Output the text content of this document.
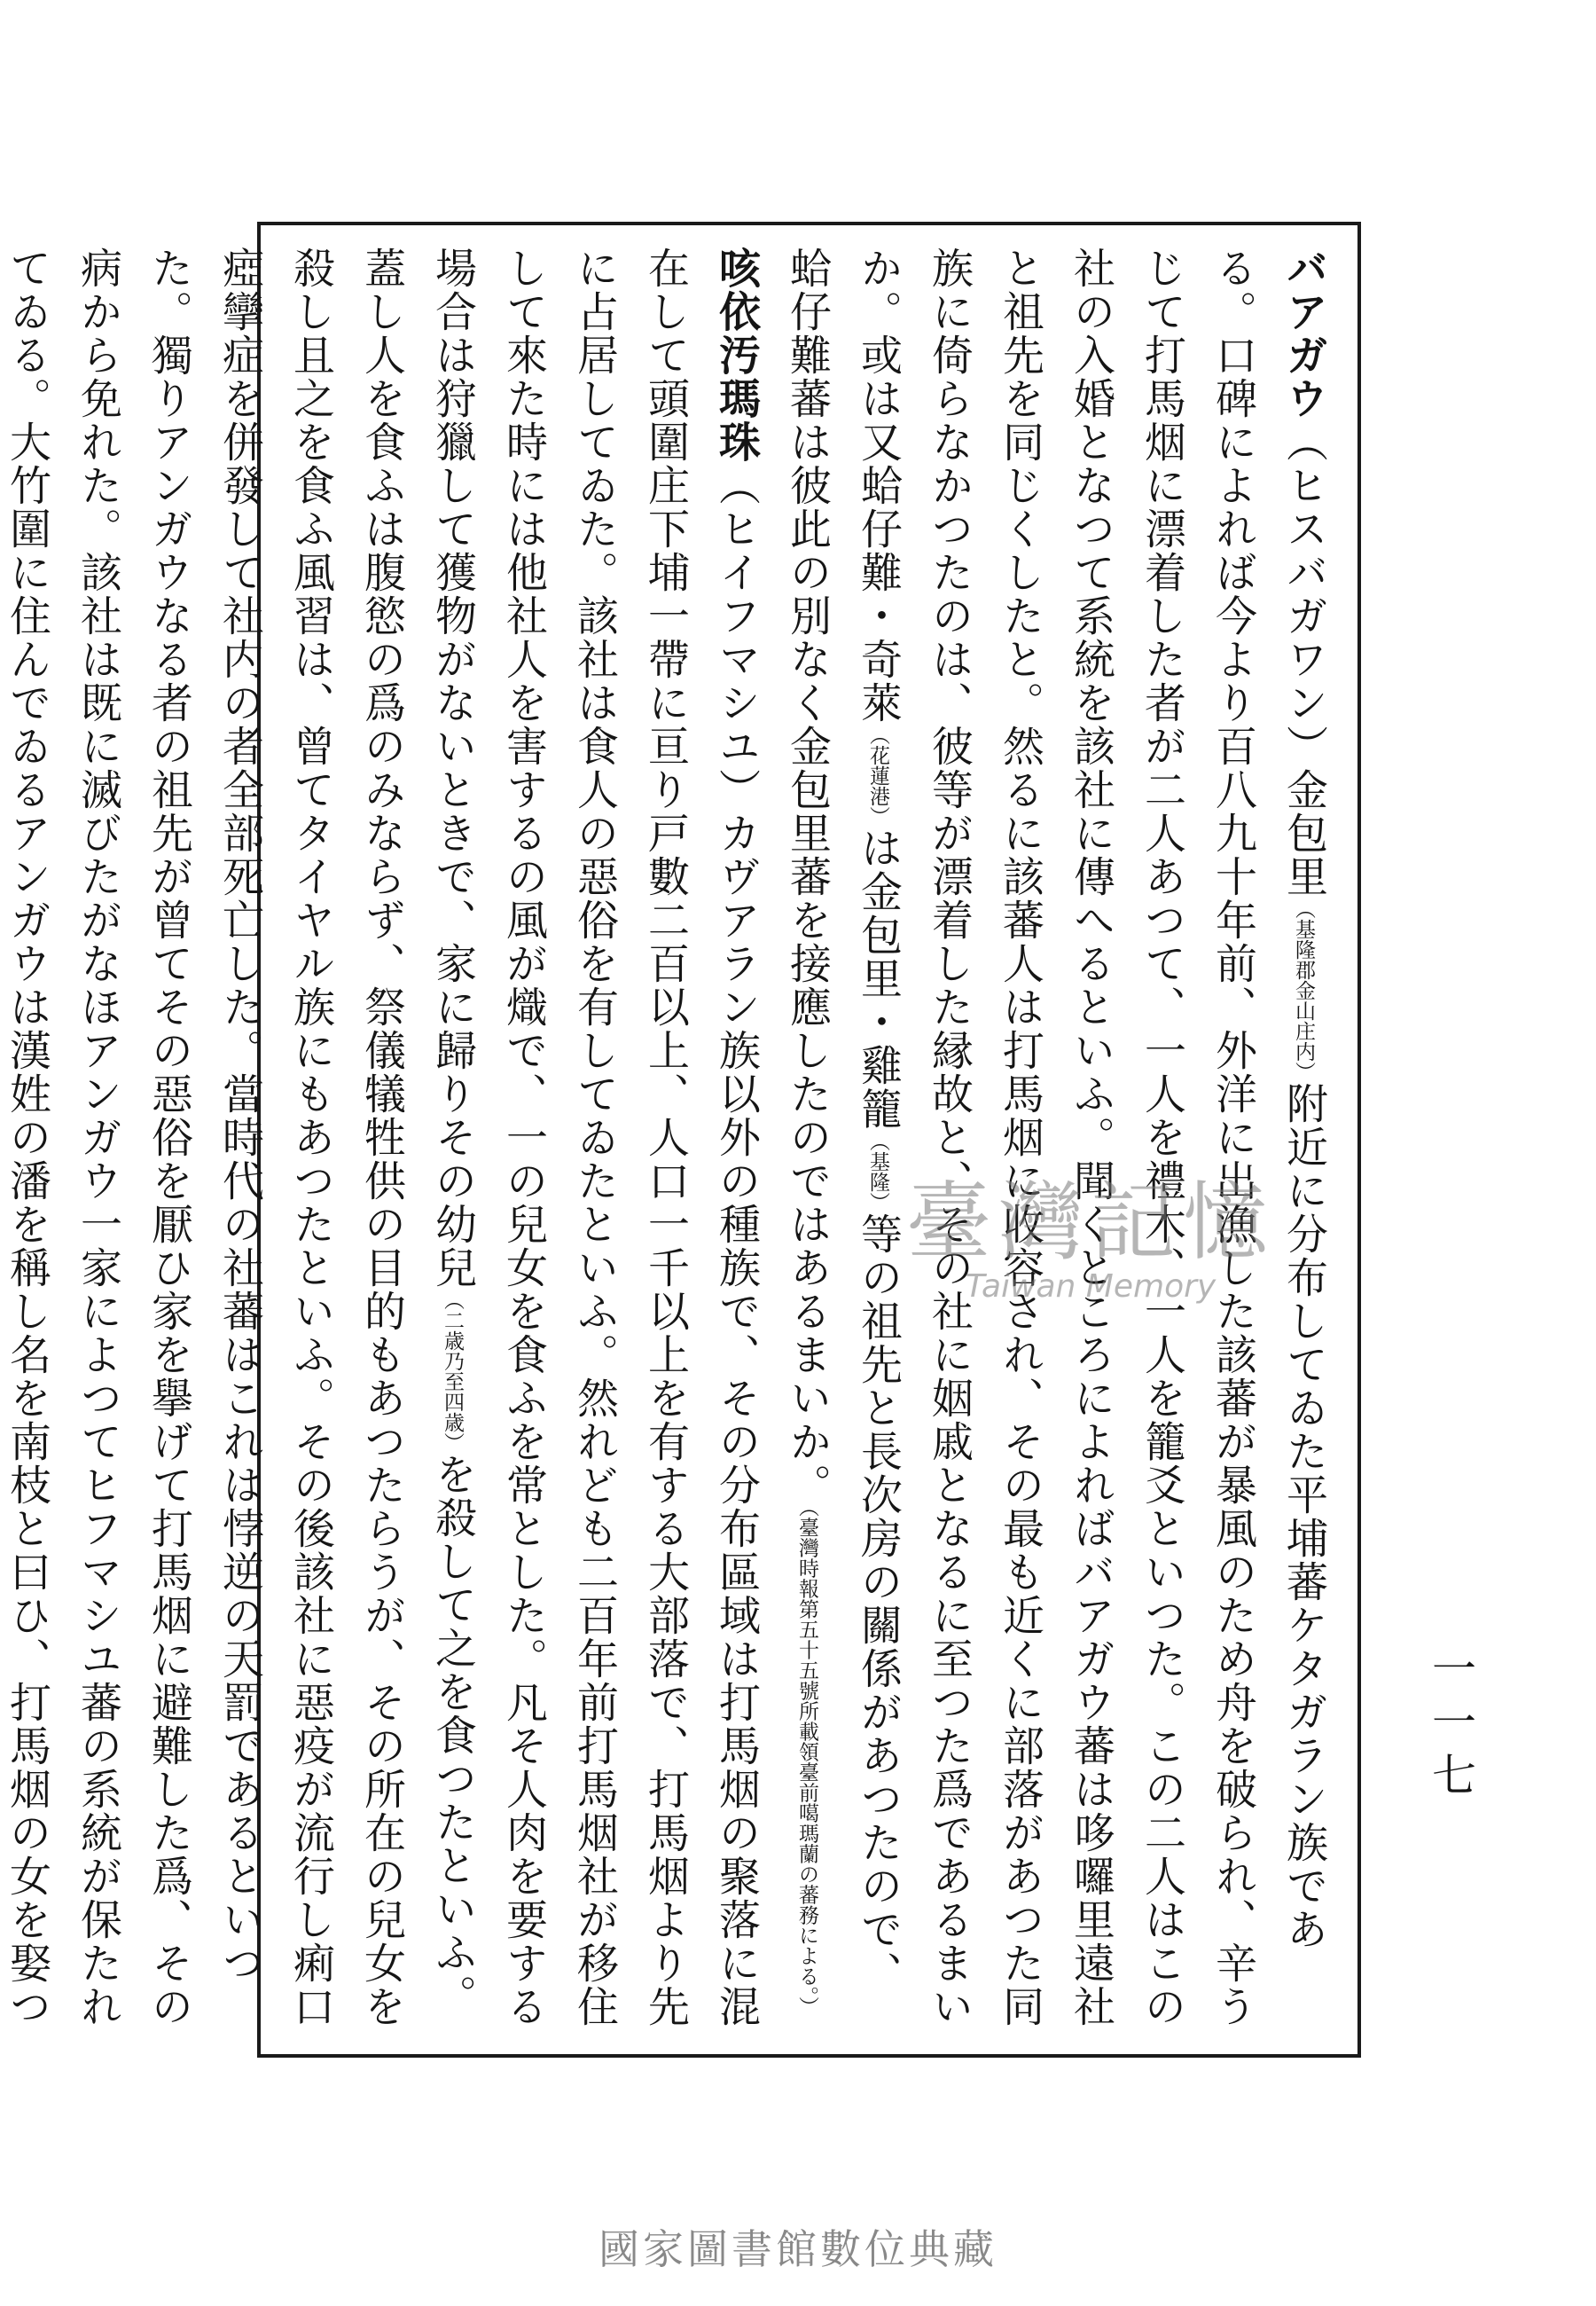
バアガウ（ヒスバガワン）金包里（基隆郡金山庄内）附近に分布してゐた平埔蕃ケタガラン族である。口碑によれば今より百八九十年前、外洋に出漁した該蕃が暴風のため舟を破られ、辛うじて打馬烟に漂着した者が二人あつて、一人を禮木、一人を籠爻といつた。この二人はこの社の入婚となつて系統を該社に傳へるといふ。聞くところによればバアガウ蕃は哆囉里遠社と祖先を同じくしたと。然るに該蕃人は打馬烟に收容され、その最も近くに部落があつた同族に倚らなかつたのは、彼等が漂着した縁故と、その社に姻戚となるに至つた爲であるまいか。或は又蛤仔難・奇萊（花蓮港）は金包里・雞籠（基隆）等の祖先と長次房の關係があつたので、蛤仔難蕃は彼此の別なく金包里蕃を接應したのではあるまいか。（臺灣時報第五十五號所載領臺前噶瑪蘭の蕃務による。）

咳依汚瑪珠（ヒイフマシユ）カヴアラン族以外の種族で、その分布區域は打馬烟の聚落に混在して頭圍庄下埔一帶に亘り戸數二百以上、人口一千以上を有する大部落で、打馬烟より先に占居してゐた。該社は食人の惡俗を有してゐたといふ。然れども二百年前打馬烟社が移住して來た時には他社人を害するの風が熾で、一の兒女を食ふを常とした。凡そ人肉を要する場合は狩獵して獲物がないときで、家に歸りその幼兒（二歳乃至四歳）を殺して之を食つたといふ。蓋し人を食ふは腹慾の爲のみならず、祭儀犠牲供の目的もあつたらうが、その所在の兒女を殺し且之を食ふ風習は、曾てタイヤル族にもあつたといふ。その後該社に惡疫が流行し痢口瘂攣症を併發して社内の者全部死亡した。當時代の社蕃はこれは悖逆の天罰であるといつた。獨りアンガウなる者の祖先が曾てその惡俗を厭ひ家を擧げて打馬烟に避難した爲、その病から免れた。該社は既に滅びたがなほアンガウ一家によつてヒフマシユ蕃の系統が保たれてゐる。大竹圍に住んでゐるアンガウは漢姓の潘を稱し名を南枝と曰ひ、打馬烟の女を娶つ

一一七
臺灣記憶
Taiwan Memory
國家圖書館數位典藏
